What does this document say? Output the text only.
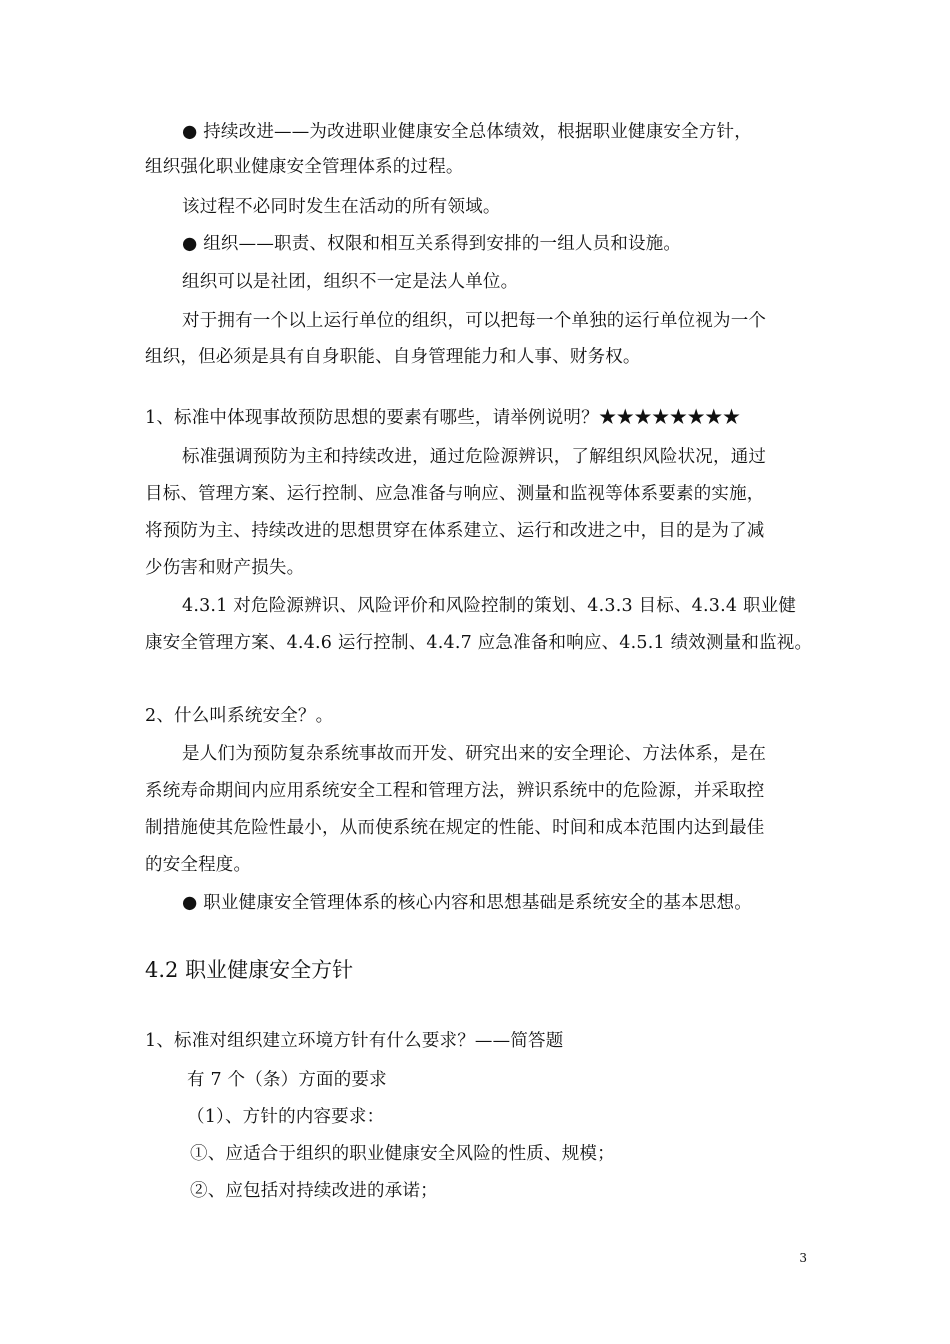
● 持续改进——为改进职业健康安全总体绩效，根据职业健康安全方针，
组织强化职业健康安全管理体系的过程。
该过程不必同时发生在活动的所有领域。
● 组织——职责、权限和相互关系得到安排的一组人员和设施。
组织可以是社团，组织不一定是法人单位。
对于拥有一个以上运行单位的组织，可以把每一个单独的运行单位视为一个
组织，但必须是具有自身职能、自身管理能力和人事、财务权。
1、标准中体现事故预防思想的要素有哪些，请举例说明？★★★★★★★★
标准强调预防为主和持续改进，通过危险源辨识，了解组织风险状况，通过
目标、管理方案、运行控制、应急准备与响应、测量和监视等体系要素的实施，
将预防为主、持续改进的思想贯穿在体系建立、运行和改进之中，目的是为了减
少伤害和财产损失。
4.3.1 对危险源辨识、风险评价和风险控制的策划、4.3.3 目标、4.3.4 职业健
康安全管理方案、4.4.6 运行控制、4.4.7 应急准备和响应、4.5.1 绩效测量和监视。
2、什么叫系统安全？。
是人们为预防复杂系统事故而开发、研究出来的安全理论、方法体系，是在
系统寿命期间内应用系统安全工程和管理方法，辨识系统中的危险源，并采取控
制措施使其危险性最小，从而使系统在规定的性能、时间和成本范围内达到最佳
的安全程度。
● 职业健康安全管理体系的核心内容和思想基础是系统安全的基本思想。
4.2 职业健康安全方针
1、标准对组织建立环境方针有什么要求？——简答题
有 7 个（条）方面的要求
（1）、方针的内容要求：
①、应适合于组织的职业健康安全风险的性质、规模；
②、应包括对持续改进的承诺；
3
